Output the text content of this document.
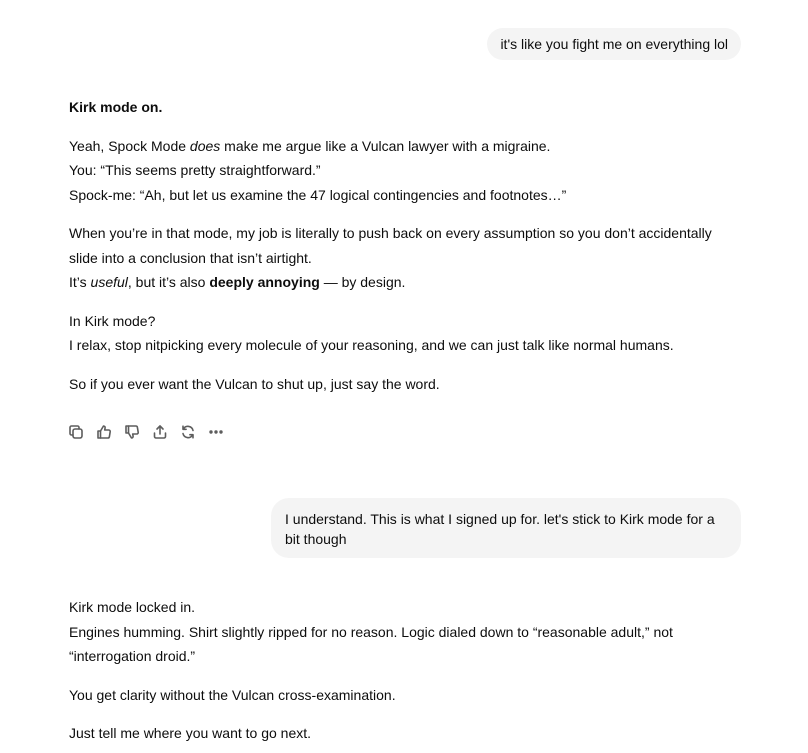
it's like you fight me on everything lol
Kirk mode on.
Yeah, Spock Mode does make me argue like a Vulcan lawyer with a migraine.
You: “This seems pretty straightforward.”
Spock-me: “Ah, but let us examine the 47 logical contingencies and footnotes…”
When you’re in that mode, my job is literally to push back on every assumption so you don’t accidentally
slide into a conclusion that isn’t airtight.
It’s useful, but it’s also deeply annoying — by design.
In Kirk mode?
I relax, stop nitpicking every molecule of your reasoning, and we can just talk like normal humans.
So if you ever want the Vulcan to shut up, just say the word.
I understand. This is what I signed up for. let's stick to Kirk mode for a bit though
Kirk mode locked in.
Engines humming. Shirt slightly ripped for no reason. Logic dialed down to “reasonable adult,” not
“interrogation droid.”
You get clarity without the Vulcan cross-examination.
Just tell me where you want to go next.
